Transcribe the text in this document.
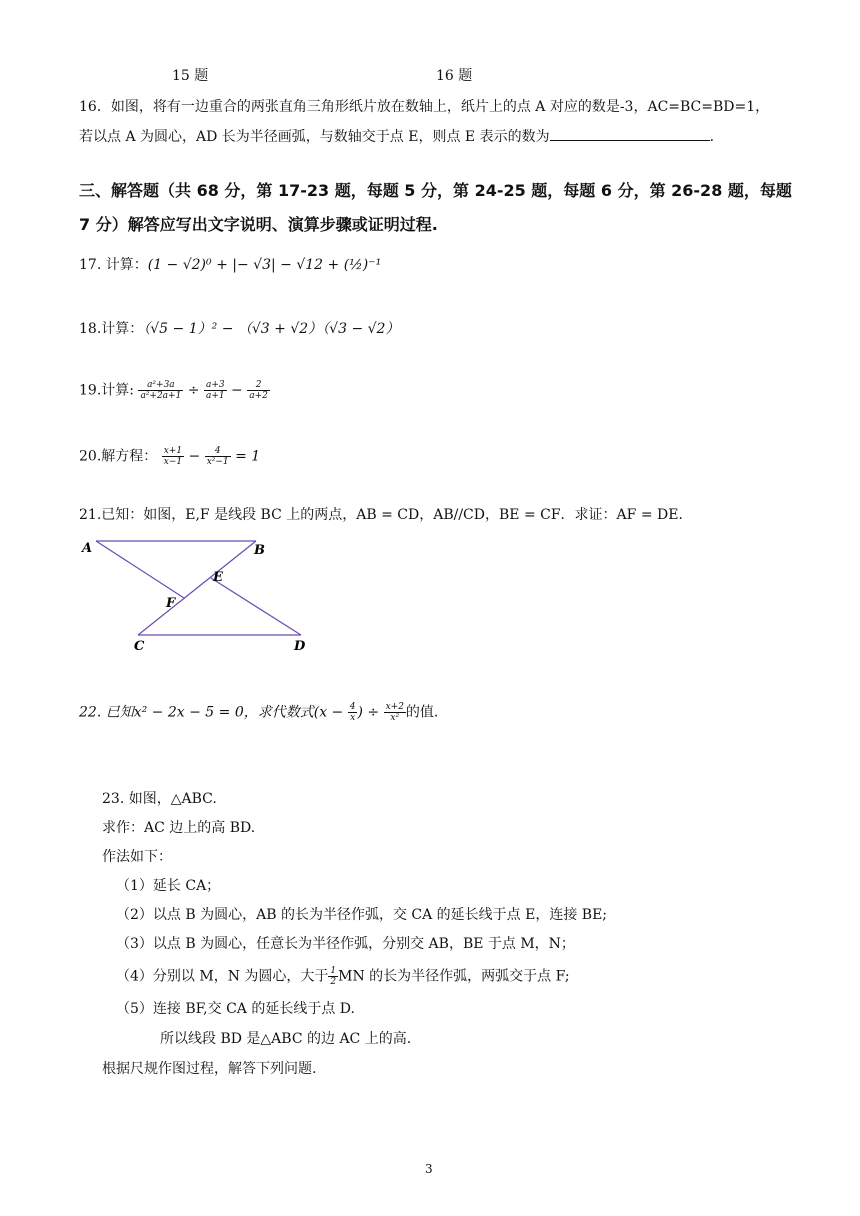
15 题	16 题
16．如图，将有一边重合的两张直角三角形纸片放在数轴上，纸片上的点 A 对应的数是-3，AC=BC=BD=1，
若以点 A 为圆心，AD 长为半径画弧，与数轴交于点 E，则点 E 表示的数为	.
三、解答题（共 68 分，第 17-23 题，每题 5 分，第 24-25 题，每题 6 分，第 26-28 题，每题
7 分）解答应写出文字说明、演算步骤或证明过程.
17. 计算：(1 − √2)⁰ + |− √3| − √12 + (½)⁻¹
18.计算：（√5 − 1）² − （√3 + √2）（√3 − √2）
19.计算: $\frac{\text{a²+3a}}{\text{a²+2a+1}} \div \frac{a+3}{a+1} - \frac{2}{a+2}$
20.解方程： $\frac{x+1}{x-1} - \frac{4}{\text{x²−1}} = 1$
21.已知：如图，E,F 是线段 BC 上的两点，AB = CD，AB//CD，BE = CF．求证：AF = DE．
A	B
E
F
C	D
22. 已知x² − 2x − 5 = 0，求代数式($x - \frac{4}{x}$ ) ÷ $\frac{x+2}{\text{x²}}$ 的值.
23. 如图，△ABC.
求作：AC 边上的高 BD.
作法如下：
（1）延长 CA；
（2）以点 B 为圆心，AB 的长为半径作弧，交 CA 的延长线于点 E，连接 BE;
（3）以点 B 为圆心，任意长为半径作弧，分别交 AB，BE 于点 M，N；
（4）分别以 M，N 为圆心，大于 $\frac{1}{2}$ MN 的长为半径作弧，两弧交于点 F;
（5）连接 BF,交 CA 的延长线于点 D.
所以线段 BD 是△ABC 的边 AC 上的高.
根据尺规作图过程，解答下列问题.
3
